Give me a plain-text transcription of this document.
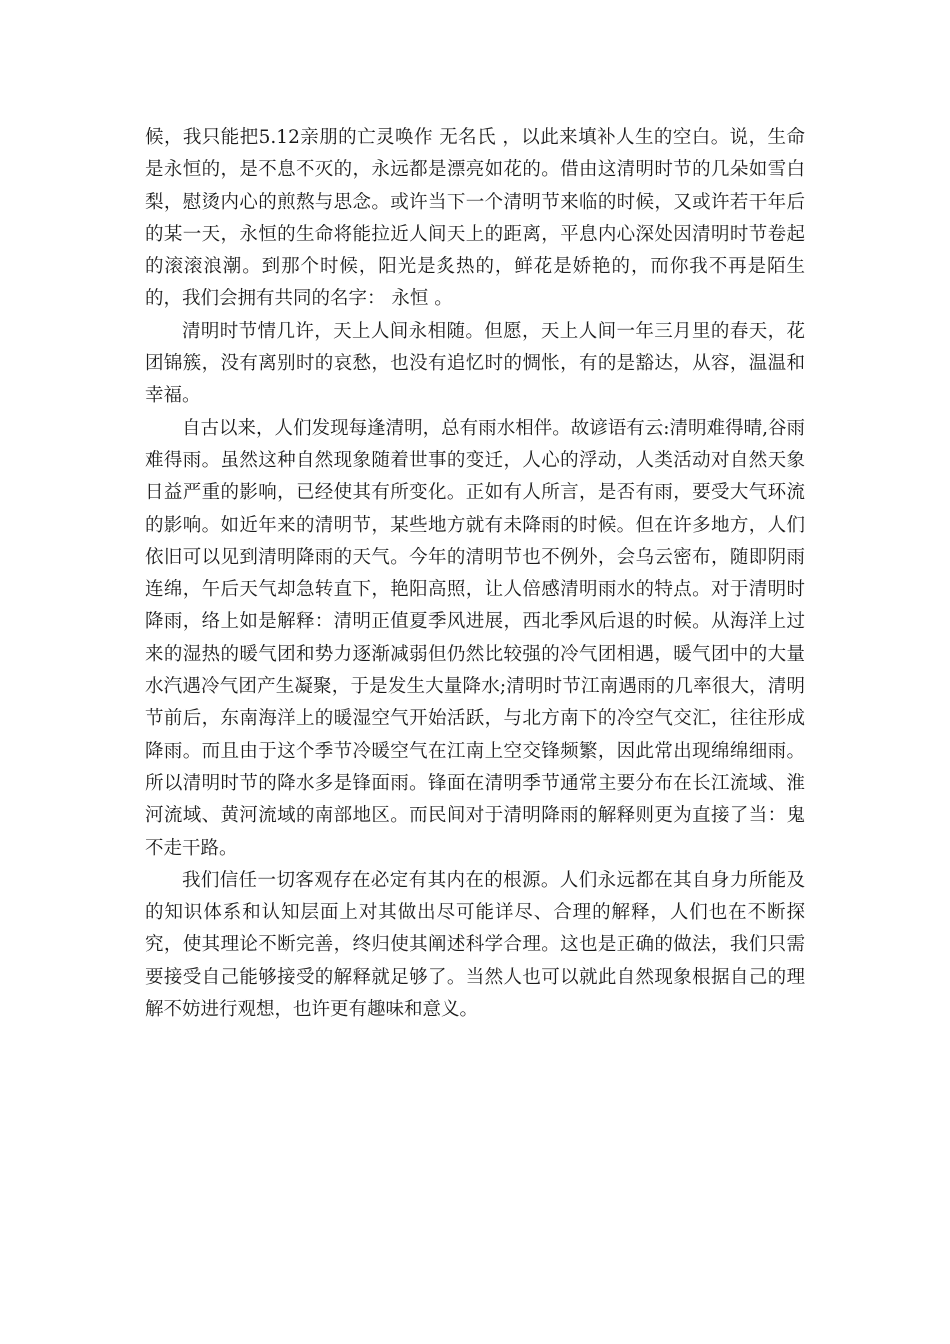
候，我只能把5.12亲朋的亡灵唤作 无名氏 ，以此来填补人生的空白。说，生命是永恒的，是不息不灭的，永远都是漂亮如花的。借由这清明时节的几朵如雪白梨，慰烫内心的煎熬与思念。或许当下一个清明节来临的时候，又或许若干年后的某一天，永恒的生命将能拉近人间天上的距离，平息内心深处因清明时节卷起的滚滚浪潮。到那个时候，阳光是炙热的，鲜花是娇艳的，而你我不再是陌生的，我们会拥有共同的名字： 永恒 。

清明时节情几许，天上人间永相随。但愿，天上人间一年三月里的春天，花团锦簇，没有离别时的哀愁，也没有追忆时的惆怅，有的是豁达，从容，温温和幸福。

自古以来，人们发现每逢清明，总有雨水相伴。故谚语有云:清明难得晴,谷雨难得雨。虽然这种自然现象随着世事的变迁，人心的浮动，人类活动对自然天象日益严重的影响，已经使其有所变化。正如有人所言，是否有雨，要受大气环流的影响。如近年来的清明节，某些地方就有未降雨的时候。但在许多地方，人们依旧可以见到清明降雨的天气。今年的清明节也不例外，会乌云密布，随即阴雨连绵，午后天气却急转直下，艳阳高照，让人倍感清明雨水的特点。对于清明时降雨，络上如是解释：清明正值夏季风进展，西北季风后退的时候。从海洋上过来的湿热的暖气团和势力逐渐减弱但仍然比较强的冷气团相遇，暖气团中的大量水汽遇冷气团产生凝聚，于是发生大量降水;清明时节江南遇雨的几率很大，清明节前后，东南海洋上的暖湿空气开始活跃，与北方南下的冷空气交汇，往往形成降雨。而且由于这个季节冷暖空气在江南上空交锋频繁，因此常出现绵绵细雨。所以清明时节的降水多是锋面雨。锋面在清明季节通常主要分布在长江流域、淮河流域、黄河流域的南部地区。而民间对于清明降雨的解释则更为直接了当：鬼不走干路。

我们信任一切客观存在必定有其内在的根源。人们永远都在其自身力所能及的知识体系和认知层面上对其做出尽可能详尽、合理的解释，人们也在不断探究，使其理论不断完善，终归使其阐述科学合理。这也是正确的做法，我们只需要接受自己能够接受的解释就足够了。当然人也可以就此自然现象根据自己的理解不妨进行观想，也许更有趣味和意义。
